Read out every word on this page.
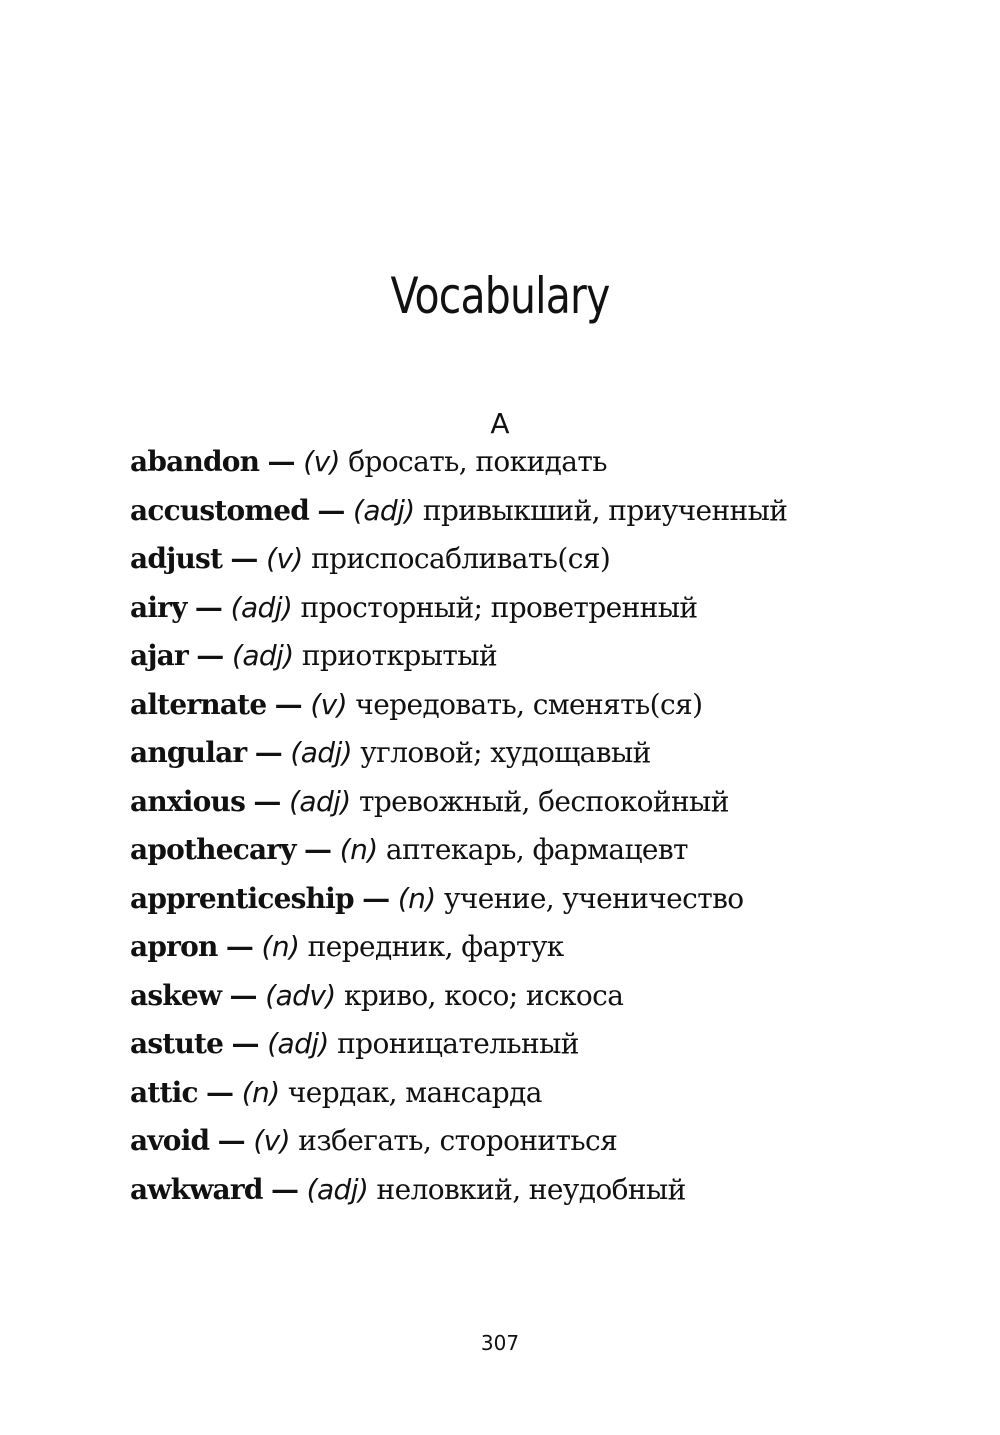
Vocabulary
A
abandon — (v) бросать, покидать
accustomed — (adj) привыкший, приученный
adjust — (v) приспосабливать(ся)
airy — (adj) просторный; проветренный
ajar — (adj) приоткрытый
alternate — (v) чередовать, сменять(ся)
angular — (adj) угловой; худощавый
anxious — (adj) тревожный, беспокойный
apothecary — (n) аптекарь, фармацевт
apprenticeship — (n) учение, ученичество
apron — (n) передник, фартук
askew — (adv) криво, косо; искоса
astute — (adj) проницательный
attic — (n) чердак, мансарда
avoid — (v) избегать, сторониться
awkward — (adj) неловкий, неудобный
307
